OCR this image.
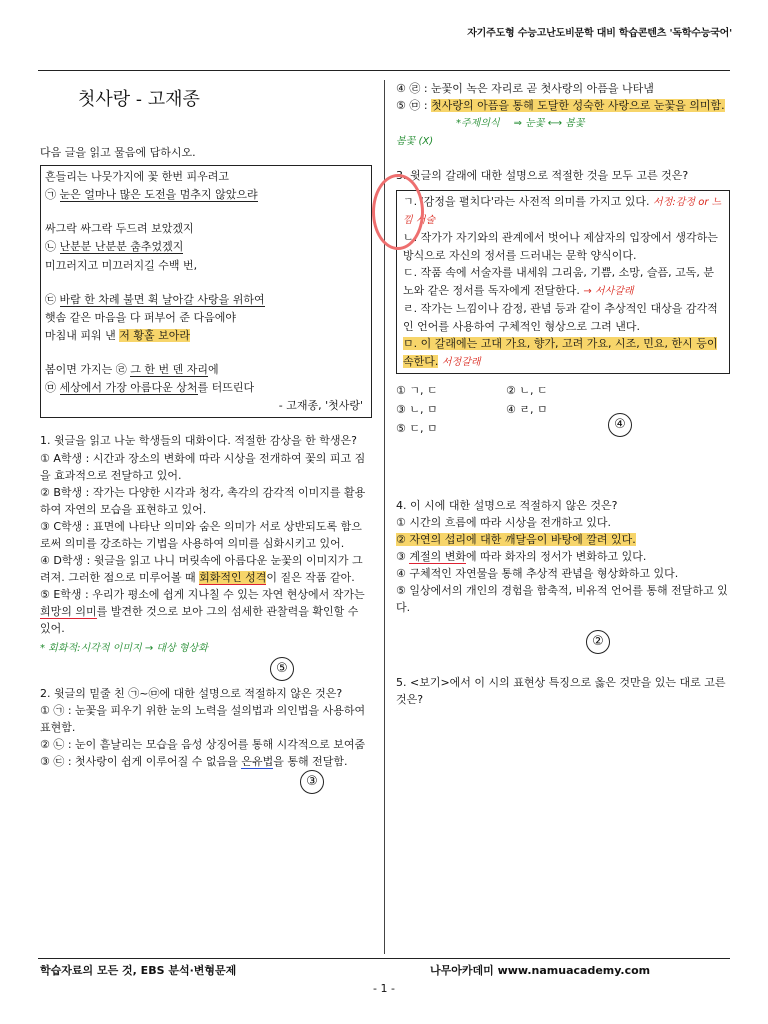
자기주도형 수능고난도비문학 대비 학습콘텐츠 '독학수능국어'
첫사랑 - 고재종
다음 글을 읽고 물음에 답하시오.
흔들리는 나뭇가지에 꽃 한번 피우려고
㉠ 눈은 얼마나 많은 도전을 멈추지 않았으랴
싸그락 싸그락 두드려 보았겠지
㉡ 난분분 난분분 춤추었겠지
미끄러지고 미끄러지길 수백 번,
㉢ 바람 한 차례 불면 휙 날아갈 사랑을 위하여
햇솜 같은 마음을 다 퍼부어 준 다음에야
마침내 피워 낸 저 황홀 보아라
봄이면 가지는 ㉣ 그 한 번 덴 자리에
㉤ 세상에서 가장 아름다운 상처를 터뜨린다
- 고재종, '첫사랑'

1. 윗글을 읽고 나눈 학생들의 대화이다. 적절한 감상을 한 학생은?

① A학생 : 시간과 장소의 변화에 따라 시상을 전개하여 꽃의 피고 짐을 효과적으로 전달하고 있어.

② B학생 : 작가는 다양한 시각과 청각, 촉각의 감각적 이미지를 활용하여 자연의 모습을 표현하고 있어.

③ C학생 : 표면에 나타난 의미와 숨은 의미가 서로 상반되도록 함으로써 의미를 강조하는 기법을 사용하여 의미를 심화시키고 있어.

④ D학생 : 윗글을 읽고 나니 머릿속에 아름다운 눈꽃의 이미지가 그려져. 그러한 점으로 미루어볼 때 회화적인 성격이 짙은 작품 같아.

⑤ E학생 : 우리가 평소에 쉽게 지나칠 수 있는 자연 현상에서 작가는 희망의 의미를 발견한 것으로 보아 그의 섬세한 관찰력을 확인할 수 있어.

* 회화적:시각적 이미지 → 대상 형상화

⑤

2. 윗글의 밑줄 친 ㉠~㉤에 대한 설명으로 적절하지 않은 것은?

① ㉠ : 눈꽃을 피우기 위한 눈의 노력을 설의법과 의인법을 사용하여 표현함.

② ㉡ : 눈이 흩날리는 모습을 음성 상징어를 통해 시각적으로 보여줌

③ ㉢ : 첫사랑이 쉽게 이루어질 수 없음을 은유법을 통해 전달함.

③

④ ㉣ : 눈꽃이 녹은 자리로 곧 첫사랑의 아픔을 나타냄

⑤ ㉤ : 첫사랑의 아픔을 통해 도달한 성숙한 사랑으로 눈꽃을 의미함.

*주제의식 ⇒ 눈꽃 ⟷ 봄꽃

봄꽃 (X)

3. 윗글의 갈래에 대한 설명으로 적절한 것을 모두 고른 것은?

ㄱ. '감정을 펼치다'라는 사전적 의미를 가지고 있다. 서정:감정 or 느낌 서술
ㄴ. 작가가 자기와의 관계에서 벗어나 제삼자의 입장에서 생각하는 방식으로 자신의 정서를 드러내는 문학 양식이다.
ㄷ. 작품 속에 서술자를 내세워 그리움, 기쁨, 소망, 슬픔, 고독, 분노와 같은 정서를 독자에게 전달한다. → 서사갈래
ㄹ. 작가는 느낌이나 감정, 관념 등과 같이 추상적인 대상을 감각적인 언어를 사용하여 구체적인 형상으로 그려 낸다.
ㅁ. 이 갈래에는 고대 가요, 향가, 고려 가요, 시조, 민요, 한시 등이 속한다. 서정갈래
① ㄱ, ㄷ	② ㄴ, ㄷ
③ ㄴ, ㅁ	④ ㄹ, ㅁ
⑤ ㄷ, ㅁ	④

4. 이 시에 대한 설명으로 적절하지 않은 것은?

① 시간의 흐름에 따라 시상을 전개하고 있다.

② 자연의 섭리에 대한 깨달음이 바탕에 깔려 있다.

③ 계절의 변화에 따라 화자의 정서가 변화하고 있다.

④ 구체적인 자연물을 통해 추상적 관념을 형상화하고 있다.

⑤ 일상에서의 개인의 경험을 함축적, 비유적 언어를 통해 전달하고 있다.

②

5. <보기>에서 이 시의 표현상 특징으로 옳은 것만을 있는 대로 고른 것은?

학습자료의 모든 것, EBS 분석·변형문제	나무아카데미 www.namuacademy.com
- 1 -
